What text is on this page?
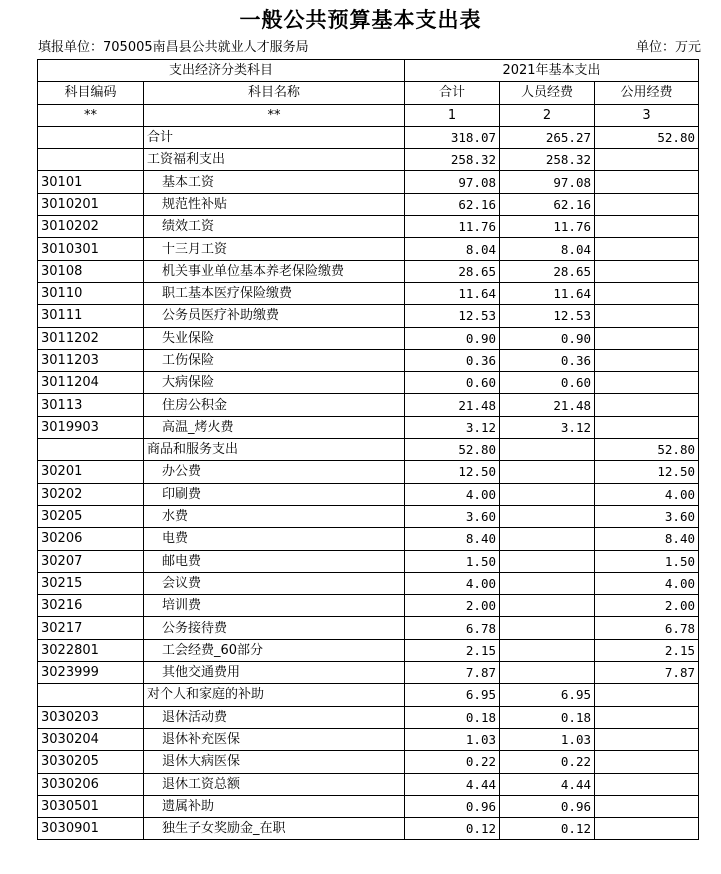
一般公共预算基本支出表
填报单位：705005南昌县公共就业人才服务局	单位：万元
支出经济分类科目		2021年基本支出		
科目编码	科目名称	合计	人员经费	公用经费
**	**	1	2	3
	合计	318.07	265.27	52.80
	工资福利支出	258.32	258.32	
30101	基本工资	97.08	97.08	
3010201	规范性补贴	62.16	62.16	
3010202	绩效工资	11.76	11.76	
3010301	十三月工资	8.04	8.04	
30108	机关事业单位基本养老保险缴费	28.65	28.65	
30110	职工基本医疗保险缴费	11.64	11.64	
30111	公务员医疗补助缴费	12.53	12.53	
3011202	失业保险	0.90	0.90	
3011203	工伤保险	0.36	0.36	
3011204	大病保险	0.60	0.60	
30113	住房公积金	21.48	21.48	
3019903	高温_烤火费	3.12	3.12	
	商品和服务支出	52.80		52.80
30201	办公费	12.50		12.50
30202	印刷费	4.00		4.00
30205	水费	3.60		3.60
30206	电费	8.40		8.40
30207	邮电费	1.50		1.50
30215	会议费	4.00		4.00
30216	培训费	2.00		2.00
30217	公务接待费	6.78		6.78
3022801	工会经费_60部分	2.15		2.15
3023999	其他交通费用	7.87		7.87
	对个人和家庭的补助	6.95	6.95	
3030203	退休活动费	0.18	0.18	
3030204	退休补充医保	1.03	1.03	
3030205	退休大病医保	0.22	0.22	
3030206	退休工资总额	4.44	4.44	
3030501	遗属补助	0.96	0.96	
3030901	独生子女奖励金_在职	0.12	0.12	
